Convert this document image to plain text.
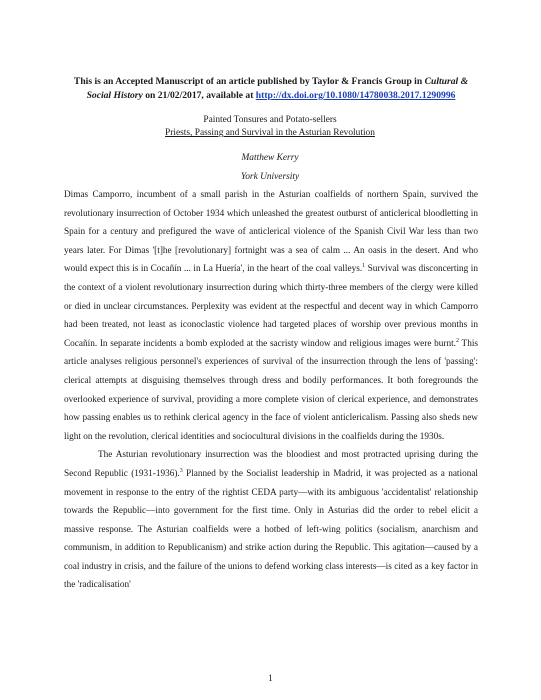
This is an Accepted Manuscript of an article published by Taylor & Francis Group in Cultural & Social History on 21/02/2017, available at http://dx.doi.org/10.1080/14780038.2017.1290996
Painted Tonsures and Potato-sellers
Priests, Passing and Survival in the Asturian Revolution
Matthew Kerry
York University

Dimas Camporro, incumbent of a small parish in the Asturian coalfields of northern Spain, survived the revolutionary insurrection of October 1934 which unleashed the greatest outburst of anticlerical bloodletting in Spain for a century and prefigured the wave of anticlerical violence of the Spanish Civil War less than two years later. For Dimas '[t]he [revolutionary] fortnight was a sea of calm ... An oasis in the desert. And who would expect this is in Cocañín ... in La Huería', in the heart of the coal valleys.$^1$ Survival was disconcerting in the context of a violent revolutionary insurrection during which thirty-three members of the clergy were killed or died in unclear circumstances. Perplexity was evident at the respectful and decent way in which Camporro had been treated, not least as iconoclastic violence had targeted places of worship over previous months in Cocañín. In separate incidents a bomb exploded at the sacristy window and religious images were burnt.$^2$ This article analyses religious personnel's experiences of survival of the insurrection through the lens of 'passing': clerical attempts at disguising themselves through dress and bodily performances. It both foregrounds the overlooked experience of survival, providing a more complete vision of clerical experience, and demonstrates how passing enables us to rethink clerical agency in the face of violent anticlericalism. Passing also sheds new light on the revolution, clerical identities and sociocultural divisions in the coalfields during the 1930s.

The Asturian revolutionary insurrection was the bloodiest and most protracted uprising during the Second Republic (1931-1936).$^3$ Planned by the Socialist leadership in Madrid, it was projected as a national movement in response to the entry of the rightist CEDA party—with its ambiguous 'accidentalist' relationship towards the Republic—into government for the first time. Only in Asturias did the order to rebel elicit a massive response. The Asturian coalfields were a hotbed of left-wing politics (socialism, anarchism and communism, in addition to Republicanism) and strike action during the Republic. This agitation—caused by a coal industry in crisis, and the failure of the unions to defend working class interests—is cited as a key factor in the 'radicalisation'

1
